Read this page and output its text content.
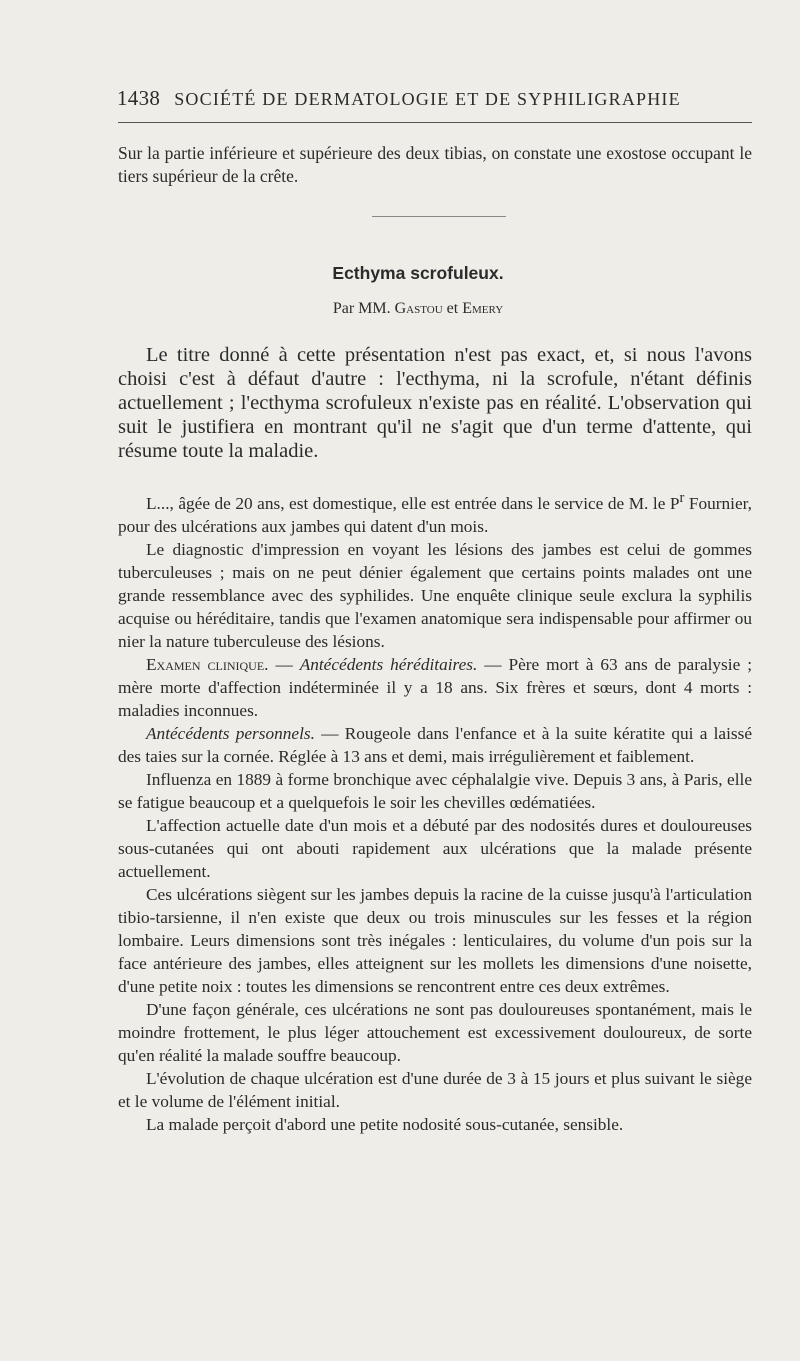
1438 SOCIÉTÉ DE DERMATOLOGIE ET DE SYPHILIGRAPHIE
Sur la partie inférieure et supérieure des deux tibias, on constate une exostose occupant le tiers supérieur de la crête.
Ecthyma scrofuleux.
Par MM. Gastou et Emery

Le titre donné à cette présentation n'est pas exact, et, si nous l'avons choisi c'est à défaut d'autre : l'ecthyma, ni la scrofule, n'étant définis actuellement ; l'ecthyma scrofuleux n'existe pas en réalité. L'observation qui suit le justifiera en montrant qu'il ne s'agit que d'un terme d'attente, qui résume toute la maladie.

L..., âgée de 20 ans, est domestique, elle est entrée dans le service de M. le $P^r$ Fournier, pour des ulcérations aux jambes qui datent d'un mois.

Le diagnostic d'impression en voyant les lésions des jambes est celui de gommes tuberculeuses ; mais on ne peut dénier également que certains points malades ont une grande ressemblance avec des syphilides. Une enquête clinique seule exclura la syphilis acquise ou héréditaire, tandis que l'examen anatomique sera indispensable pour affirmer ou nier la nature tuberculeuse des lésions.

Examen clinique. — Antécédents héréditaires. — Père mort à 63 ans de paralysie ; mère morte d'affection indéterminée il y a 18 ans. Six frères et sœurs, dont 4 morts : maladies inconnues.

Antécédents personnels. — Rougeole dans l'enfance et à la suite kératite qui a laissé des taies sur la cornée. Réglée à 13 ans et demi, mais irrégulièrement et faiblement.

Influenza en 1889 à forme bronchique avec céphalalgie vive. Depuis 3 ans, à Paris, elle se fatigue beaucoup et a quelquefois le soir les chevilles œdématiées.

L'affection actuelle date d'un mois et a débuté par des nodosités dures et douloureuses sous-cutanées qui ont abouti rapidement aux ulcérations que la malade présente actuellement.

Ces ulcérations siègent sur les jambes depuis la racine de la cuisse jusqu'à l'articulation tibio-tarsienne, il n'en existe que deux ou trois minuscules sur les fesses et la région lombaire. Leurs dimensions sont très inégales : lenticulaires, du volume d'un pois sur la face antérieure des jambes, elles atteignent sur les mollets les dimensions d'une noisette, d'une petite noix : toutes les dimensions se rencontrent entre ces deux extrêmes.

D'une façon générale, ces ulcérations ne sont pas douloureuses spontanément, mais le moindre frottement, le plus léger attouchement est excessivement douloureux, de sorte qu'en réalité la malade souffre beaucoup.

L'évolution de chaque ulcération est d'une durée de 3 à 15 jours et plus suivant le siège et le volume de l'élément initial.

La malade perçoit d'abord une petite nodosité sous-cutanée, sensible.
